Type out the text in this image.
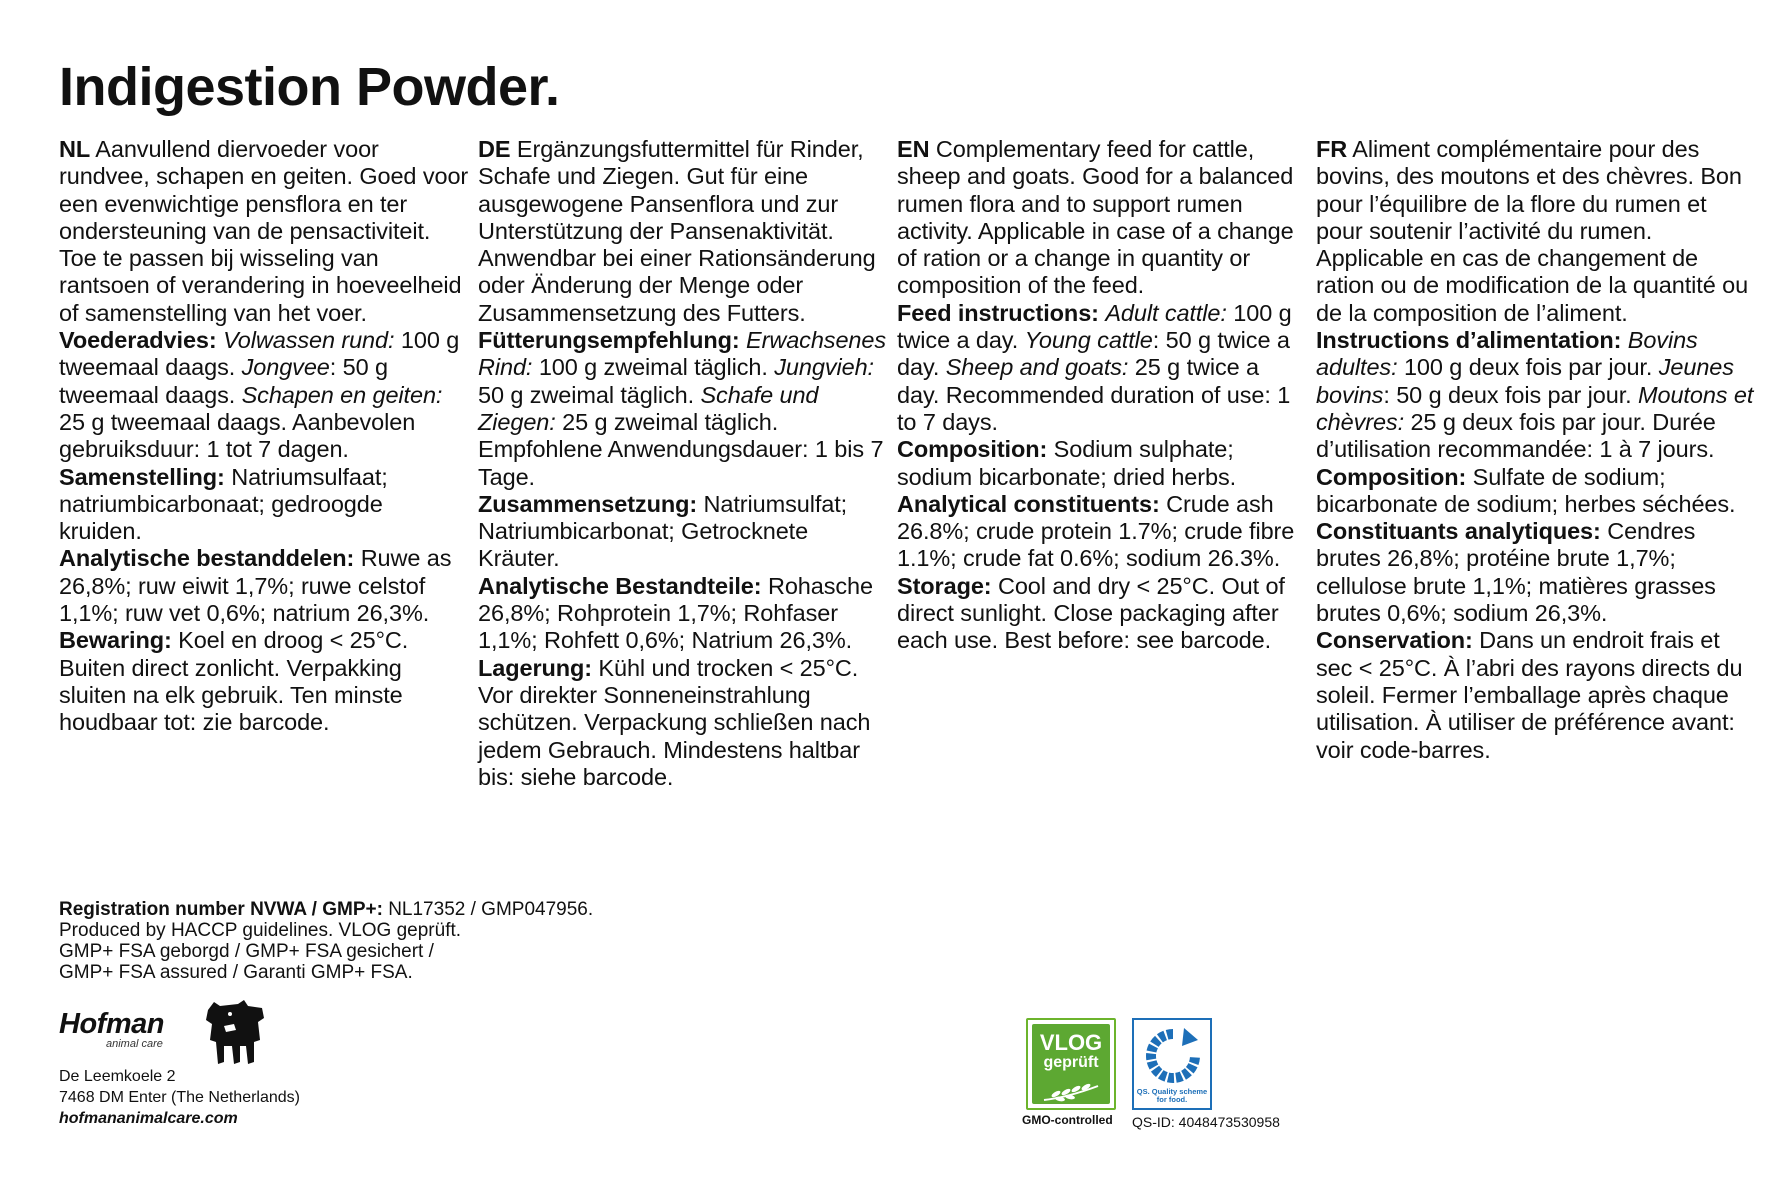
Indigestion Powder.

NL Aanvullend diervoeder voor rundvee, schapen en geiten. Goed voor een evenwichtige pensflora en ter ondersteuning van de pensactiviteit. Toe te passen bij wisseling van rantsoen of verandering in hoeveelheid of samenstelling van het voer.

Voederadvies: Volwassen rund: 100 g tweemaal daags. Jongvee: 50 g tweemaal daags. Schapen en geiten: 25 g tweemaal daags. Aanbevolen gebruiksduur: 1 tot 7 dagen.

Samenstelling: Natriumsulfaat; natriumbicarbonaat; gedroogde kruiden.

Analytische bestanddelen: Ruwe as 26,8%; ruw eiwit 1,7%; ruwe celstof 1,1%; ruw vet 0,6%; natrium 26,3%.

Bewaring: Koel en droog < 25°C. Buiten direct zonlicht. Verpakking sluiten na elk gebruik. Ten minste houdbaar tot: zie barcode.

DE Ergänzungsfuttermittel für Rinder, Schafe und Ziegen. Gut für eine ausgewogene Pansenflora und zur Unterstützung der Pansenaktivität. Anwendbar bei einer Rationsänderung oder Änderung der Menge oder Zusammensetzung des Futters.

Fütterungsempfehlung: Erwachsenes Rind: 100 g zweimal täglich. Jungvieh: 50 g zweimal täglich. Schafe und Ziegen: 25 g zweimal täglich. Empfohlene Anwendungsdauer: 1 bis 7 Tage.

Zusammensetzung: Natriumsulfat; Natriumbicarbonat; Getrocknete Kräuter.

Analytische Bestandteile: Rohasche 26,8%; Rohprotein 1,7%; Rohfaser 1,1%; Rohfett 0,6%; Natrium 26,3%.

Lagerung: Kühl und trocken < 25°C. Vor direkter Sonneneinstrahlung schützen. Verpackung schließen nach jedem Gebrauch. Mindestens haltbar bis: siehe barcode.

EN Complementary feed for cattle, sheep and goats. Good for a balanced rumen flora and to support rumen activity. Applicable in case of a change of ration or a change in quantity or composition of the feed.

Feed instructions: Adult cattle: 100 g twice a day. Young cattle: 50 g twice a day. Sheep and goats: 25 g twice a day. Recommended duration of use: 1 to 7 days.

Composition: Sodium sulphate; sodium bicarbonate; dried herbs.

Analytical constituents: Crude ash 26.8%; crude protein 1.7%; crude fibre 1.1%; crude fat 0.6%; sodium 26.3%.

Storage: Cool and dry < 25°C. Out of direct sunlight. Close packaging after each use. Best before: see barcode.

FR Aliment complémentaire pour des bovins, des moutons et des chèvres. Bon pour l’équilibre de la flore du rumen et pour soutenir l’activité du rumen. Applicable en cas de changement de ration ou de modification de la quantité ou de la composition de l’aliment.

Instructions d’alimentation: Bovins adultes: 100 g deux fois par jour. Jeunes bovins: 50 g deux fois par jour. Moutons et chèvres: 25 g deux fois par jour. Durée d’utilisation recommandée: 1 à 7 jours.

Composition: Sulfate de sodium; bicarbonate de sodium; herbes séchées.

Constituants analytiques: Cendres brutes 26,8%; protéine brute 1,7%; cellulose brute 1,1%; matières grasses brutes 0,6%; sodium 26,3%.

Conservation: Dans un endroit frais et sec < 25°C. À l’abri des rayons directs du soleil. Fermer l’emballage après chaque utilisation. À utiliser de préférence avant: voir code-barres.

Registration number NVWA / GMP+: NL17352 / GMP047956.

Produced by HACCP guidelines. VLOG geprüft.

GMP+ FSA geborgd / GMP+ FSA gesichert /

GMP+ FSA assured / Garanti GMP+ FSA.

Hofman
animal care

De Leemkoele 2

7468 DM Enter (The Netherlands)

hofmananimalcare.com

VLOG
geprüft
GMO-controlled
QS. Quality scheme for food.
QS-ID: 4048473530958
